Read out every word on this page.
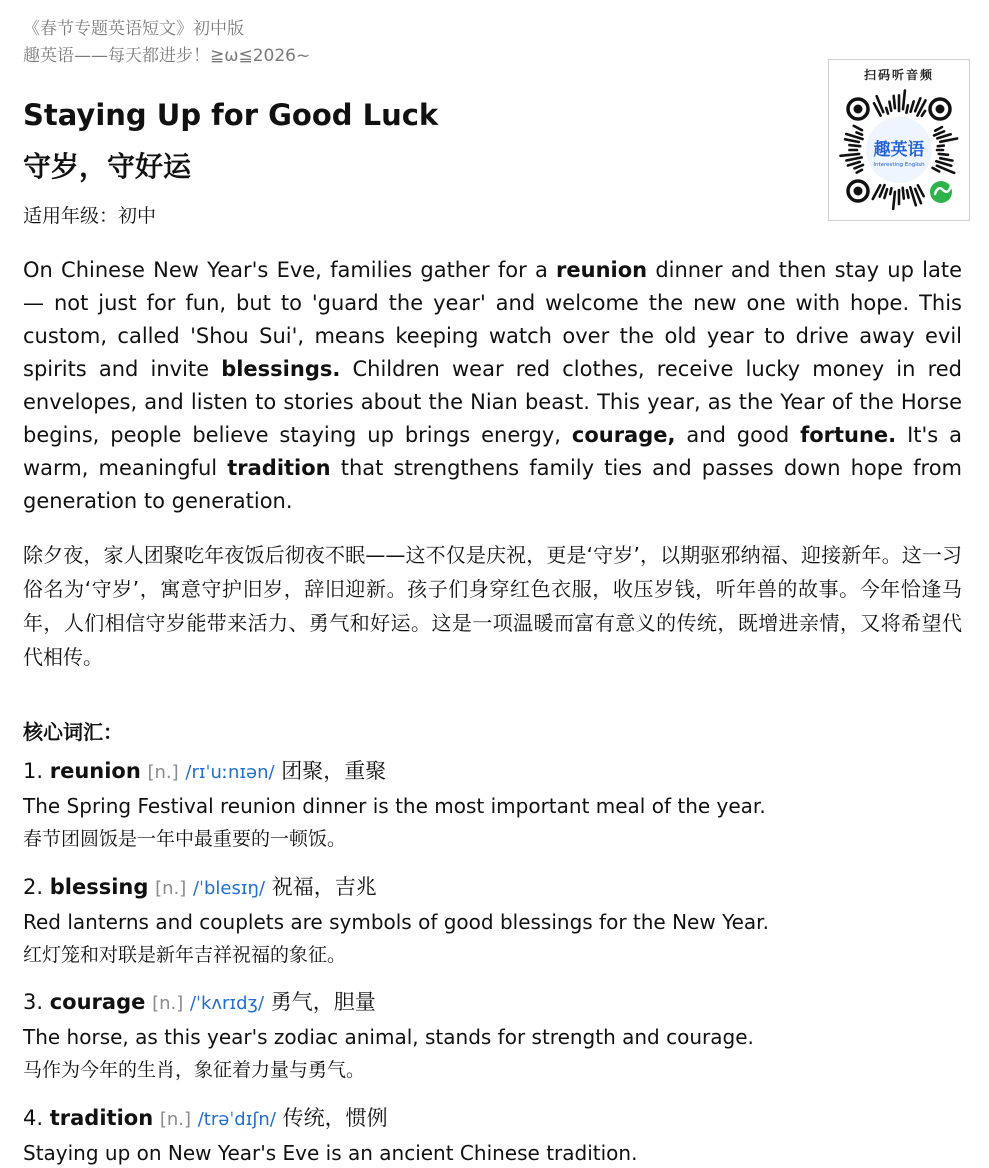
《春节专题英语短文》初中版
趣英语——每天都进步！≧ω≦2026~
Staying Up for Good Luck
守岁，守好运
适用年级：初中
扫码听音频
趣英语
Interesting English

On Chinese New Year's Eve, families gather for a reunion dinner and then stay up late — not just for fun, but to 'guard the year' and welcome the new one with hope. This custom, called 'Shou Sui', means keeping watch over the old year to drive away evil spirits and invite blessings. Children wear red clothes, receive lucky money in red envelopes, and listen to stories about the Nian beast. This year, as the Year of the Horse begins, people believe staying up brings energy, courage, and good fortune. It's a warm, meaningful tradition that strengthens family ties and passes down hope from generation to generation.

除夕夜，家人团聚吃年夜饭后彻夜不眠——这不仅是庆祝，更是‘守岁’，以期驱邪纳福、迎接新年。这一习俗名为‘守岁’，寓意守护旧岁，辞旧迎新。孩子们身穿红色衣服，收压岁钱，听年兽的故事。今年恰逢马年，人们相信守岁能带来活力、勇气和好运。这是一项温暖而富有意义的传统，既增进亲情，又将希望代代相传。

核心词汇：
1. reunion [n.] /rɪˈuːnɪən/ 团聚，重聚
The Spring Festival reunion dinner is the most important meal of the year.
春节团圆饭是一年中最重要的一顿饭。
2. blessing [n.] /ˈblesɪŋ/ 祝福，吉兆
Red lanterns and couplets are symbols of good blessings for the New Year.
红灯笼和对联是新年吉祥祝福的象征。
3. courage [n.] /ˈkʌrɪdʒ/ 勇气，胆量
The horse, as this year's zodiac animal, stands for strength and courage.
马作为今年的生肖，象征着力量与勇气。
4. tradition [n.] /trəˈdɪʃn/ 传统，惯例
Staying up on New Year's Eve is an ancient Chinese tradition.
